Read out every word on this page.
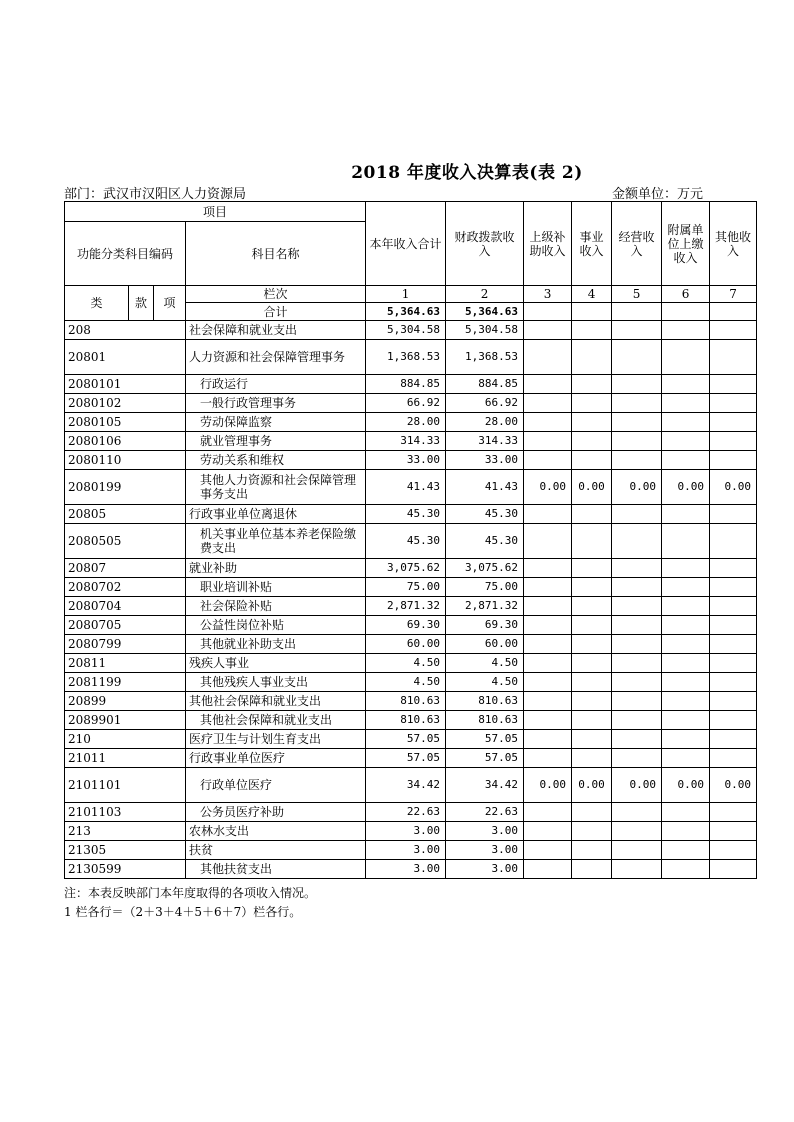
2018 年度收入决算表(表 2)
部门：武汉市汉阳区人力资源局	金额单位：万元
项目				本年收入合计	财政拨款收入	上级补助收入	事业收入	经营收入	附属单位上缴收入	其他收入
功能分类科目编码			科目名称							

类	款	项	栏次	1	2	3	4	5	6	7
			合计	5,364.63	5,364.63					
208			社会保障和就业支出	5,304.58	5,304.58					
20801			人力资源和社会保障管理事务	1,368.53	1,368.53					
2080101			行政运行	884.85	884.85					
2080102			一般行政管理事务	66.92	66.92					
2080105			劳动保障监察	28.00	28.00					
2080106			就业管理事务	314.33	314.33					
2080110			劳动关系和维权	33.00	33.00					
2080199			其他人力资源和社会保障管理事务支出	41.43	41.43	0.00	0.00	0.00	0.00	0.00
20805			行政事业单位离退休	45.30	45.30					
2080505			机关事业单位基本养老保险缴费支出	45.30	45.30					
20807			就业补助	3,075.62	3,075.62					
2080702			职业培训补贴	75.00	75.00					
2080704			社会保险补贴	2,871.32	2,871.32					
2080705			公益性岗位补贴	69.30	69.30					
2080799			其他就业补助支出	60.00	60.00					
20811			残疾人事业	4.50	4.50					
2081199			其他残疾人事业支出	4.50	4.50					
20899			其他社会保障和就业支出	810.63	810.63					
2089901			其他社会保障和就业支出	810.63	810.63					
210			医疗卫生与计划生育支出	57.05	57.05					
21011			行政事业单位医疗	57.05	57.05					
2101101			行政单位医疗	34.42	34.42	0.00	0.00	0.00	0.00	0.00
2101103			公务员医疗补助	22.63	22.63					
213			农林水支出	3.00	3.00					
21305			扶贫	3.00	3.00					
2130599			其他扶贫支出	3.00	3.00					
注：本表反映部门本年度取得的各项收入情况。
1 栏各行＝（2＋3＋4＋5＋6＋7）栏各行。
